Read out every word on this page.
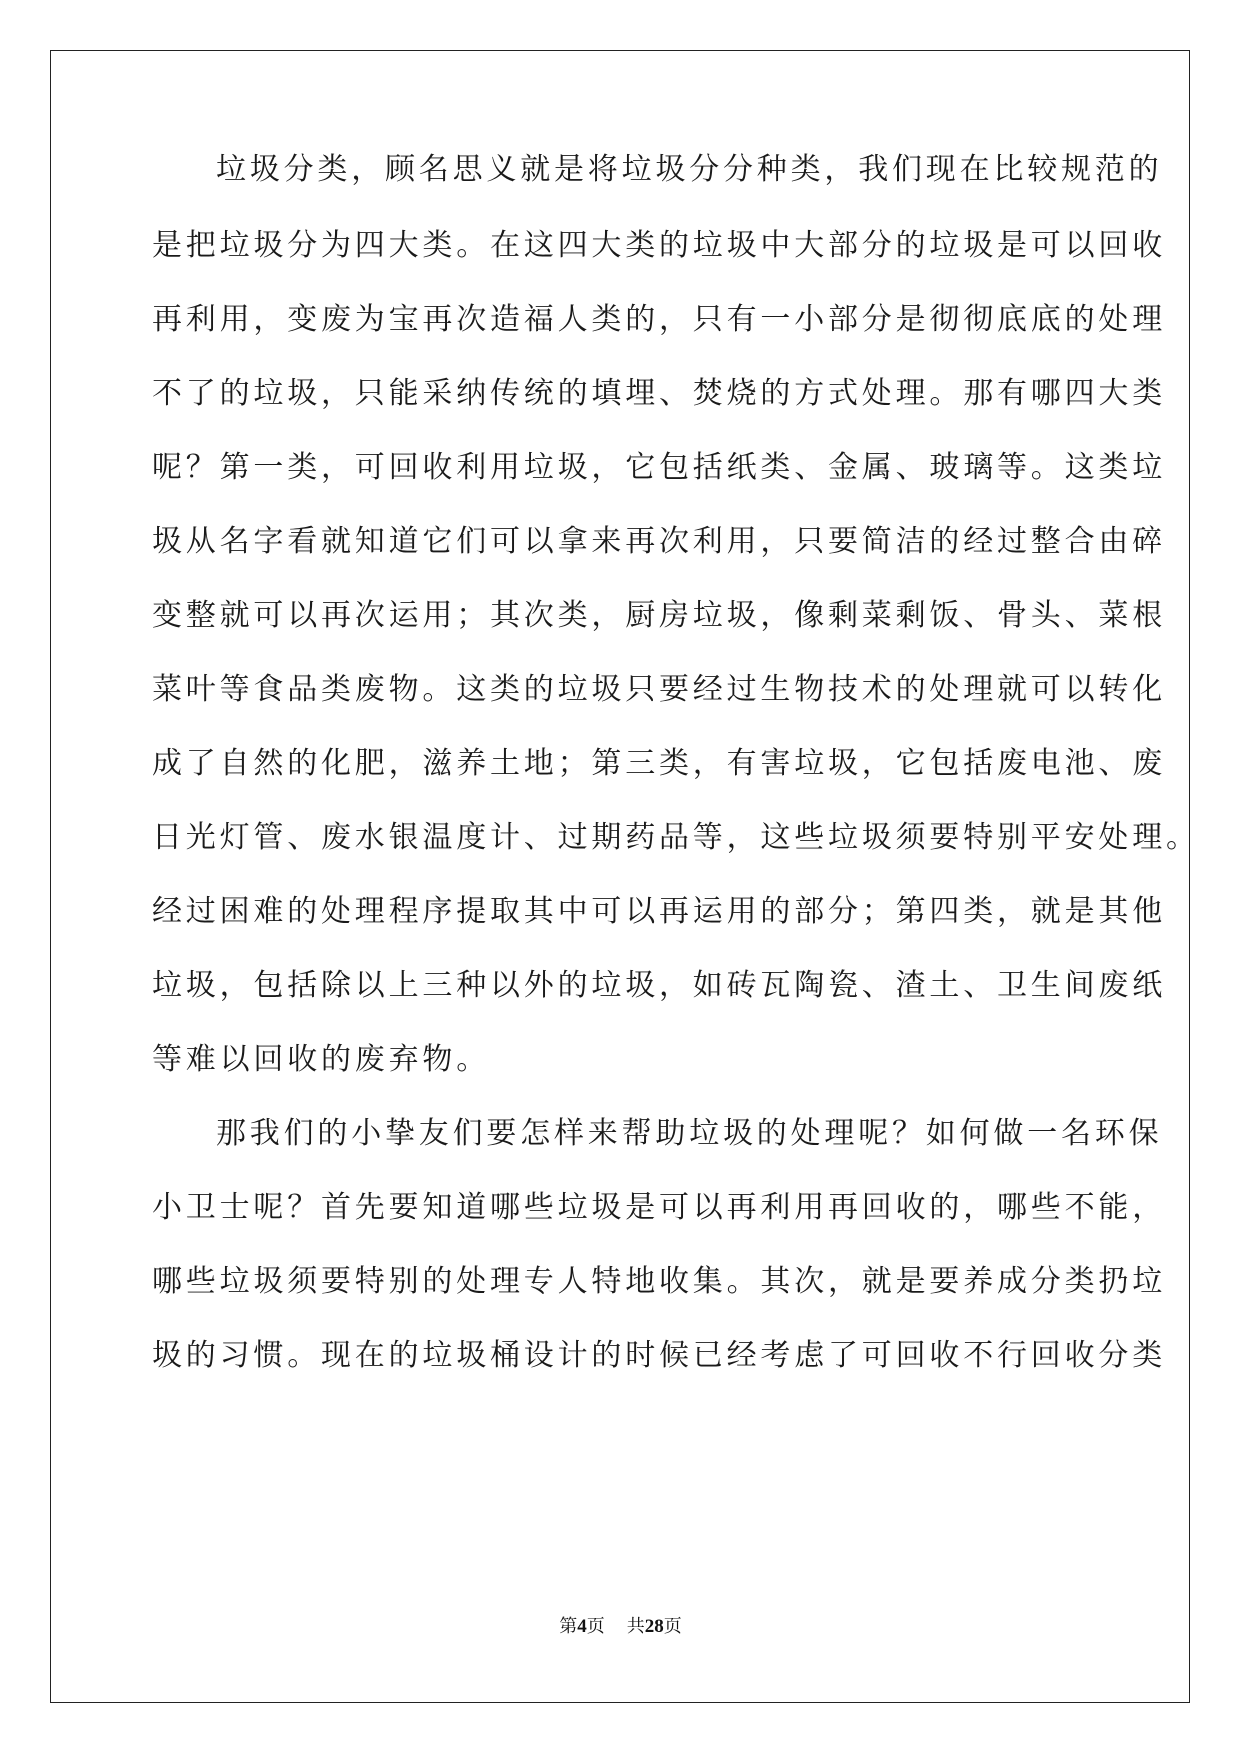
垃圾分类，顾名思义就是将垃圾分分种类，我们现在比较规范的
是把垃圾分为四大类。在这四大类的垃圾中大部分的垃圾是可以回收
再利用，变废为宝再次造福人类的，只有一小部分是彻彻底底的处理
不了的垃圾，只能采纳传统的填埋、焚烧的方式处理。那有哪四大类
呢？第一类，可回收利用垃圾，它包括纸类、金属、玻璃等。这类垃
圾从名字看就知道它们可以拿来再次利用，只要简洁的经过整合由碎
变整就可以再次运用；其次类，厨房垃圾，像剩菜剩饭、骨头、菜根
菜叶等食品类废物。这类的垃圾只要经过生物技术的处理就可以转化
成了自然的化肥，滋养土地；第三类，有害垃圾，它包括废电池、废
日光灯管、废水银温度计、过期药品等，这些垃圾须要特别平安处理。
经过困难的处理程序提取其中可以再运用的部分；第四类，就是其他
垃圾，包括除以上三种以外的垃圾，如砖瓦陶瓷、渣土、卫生间废纸
等难以回收的废弃物。
那我们的小挚友们要怎样来帮助垃圾的处理呢？如何做一名环保
小卫士呢？首先要知道哪些垃圾是可以再利用再回收的，哪些不能，
哪些垃圾须要特别的处理专人特地收集。其次，就是要养成分类扔垃
圾的习惯。现在的垃圾桶设计的时候已经考虑了可回收不行回收分类
第4页 共28页
